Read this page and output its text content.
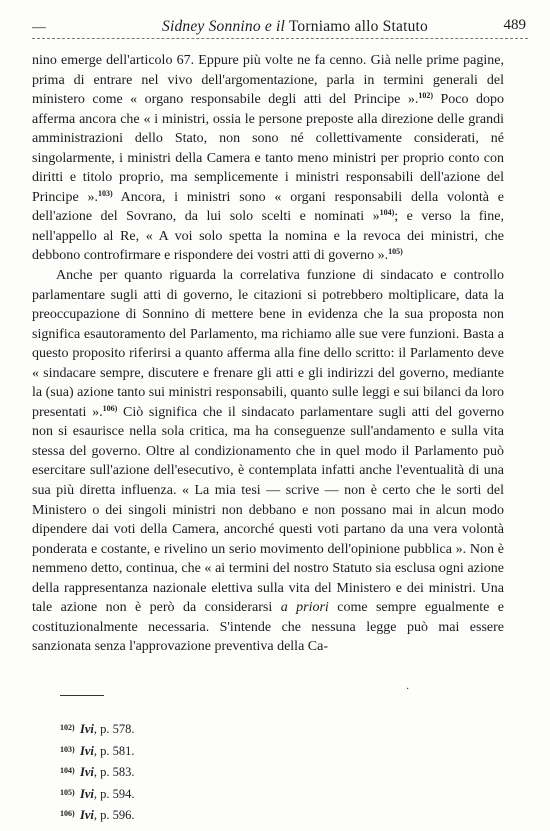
—	Sidney Sonnino e il Torniamo allo Statuto	489

nino emerge dell'articolo 67. Eppure più volte ne fa cenno. Già nelle prime pagine, prima di entrare nel vivo dell'argomentazione, parla in termini generali del ministero come « organo responsabile degli atti del Principe ».$^{102)}$ Poco dopo afferma ancora che « i ministri, ossia le persone preposte alla direzione delle grandi amministrazioni dello Stato, non sono né collettivamente considerati, né singolarmente, i ministri della Camera e tanto meno ministri per proprio conto con diritti e titolo proprio, ma semplicemente i ministri responsabili dell'azione del Principe ».$^{103)}$ Ancora, i ministri sono « organi responsabili della volontà e dell'azione del Sovrano, da lui solo scelti e nominati »$^{104)}$; e verso la fine, nell'appello al Re, « A voi solo spetta la nomina e la revoca dei ministri, che debbono controfirmare e rispondere dei vostri atti di governo ».$^{105)}$

Anche per quanto riguarda la correlativa funzione di sindacato e controllo parlamentare sugli atti di governo, le citazioni si potrebbero moltiplicare, data la preoccupazione di Sonnino di mettere bene in evidenza che la sua proposta non significa esautoramento del Parlamento, ma richiamo alle sue vere funzioni. Basta a questo proposito riferirsi a quanto afferma alla fine dello scritto: il Parlamento deve « sindacare sempre, discutere e frenare gli atti e gli indirizzi del governo, mediante la (sua) azione tanto sui ministri responsabili, quanto sulle leggi e sui bilanci da loro presentati ».$^{106)}$ Ciò significa che il sindacato parlamentare sugli atti del governo non si esaurisce nella sola critica, ma ha conseguenze sull'andamento e sulla vita stessa del governo. Oltre al condizionamento che in quel modo il Parlamento può esercitare sull'azione dell'esecutivo, è contemplata infatti anche l'eventualità di una sua più diretta influenza. « La mia tesi — scrive — non è certo che le sorti del Ministero o dei singoli ministri non debbano e non possano mai in alcun modo dipendere dai voti della Camera, ancorché questi voti partano da una vera volontà ponderata e costante, e rivelino un serio movimento dell'opinione pubblica ». Non è nemmeno detto, continua, che « ai termini del nostro Statuto sia esclusa ogni azione della rappresentanza nazionale elettiva sulla vita del Ministero e dei ministri. Una tale azione non è però da considerarsi a priori come sempre egualmente e costituzionalmente necessaria. S'intende che nessuna legge può mai essere sanzionata senza l'approvazione preventiva della Ca-

·
102) Ivi, p. 578.
103) Ivi, p. 581.
104) Ivi, p. 583.
105) Ivi, p. 594.
106) Ivi, p. 596.
